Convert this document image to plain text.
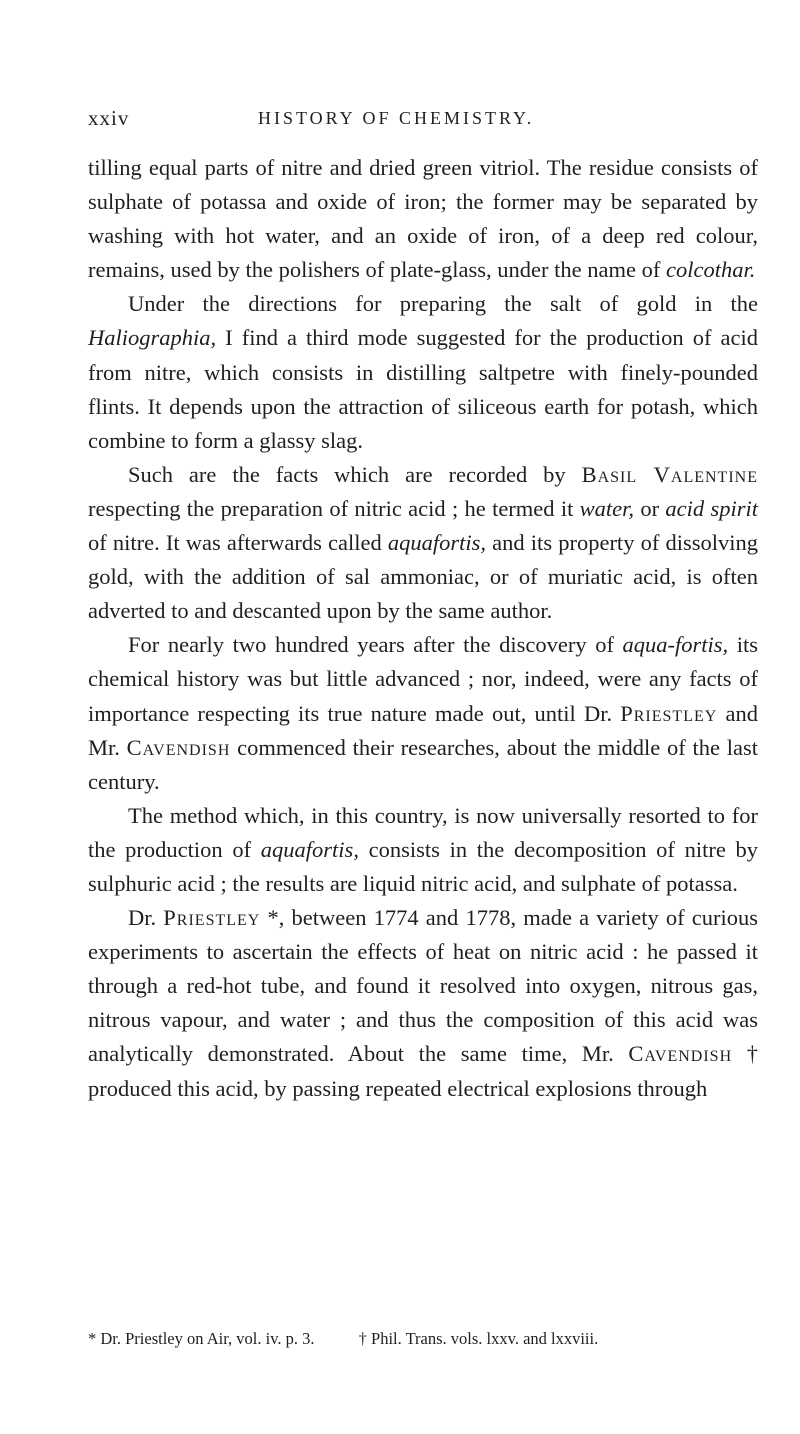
xxiv	HISTORY OF CHEMISTRY.

tilling equal parts of nitre and dried green vitriol. The residue consists of sulphate of potassa and oxide of iron; the former may be separated by washing with hot water, and an oxide of iron, of a deep red colour, remains, used by the polishers of plate-glass, under the name of colcothar.

Under the directions for preparing the salt of gold in the Haliographia, I find a third mode suggested for the production of acid from nitre, which consists in distilling saltpetre with finely-pounded flints. It depends upon the attraction of siliceous earth for potash, which combine to form a glassy slag.

Such are the facts which are recorded by Basil Valentine respecting the preparation of nitric acid ; he termed it water, or acid spirit of nitre. It was afterwards called aquafortis, and its property of dissolving gold, with the addition of sal ammoniac, or of muriatic acid, is often adverted to and descanted upon by the same author.

For nearly two hundred years after the discovery of aqua-fortis, its chemical history was but little advanced ; nor, indeed, were any facts of importance respecting its true nature made out, until Dr. Priestley and Mr. Cavendish commenced their researches, about the middle of the last century.

The method which, in this country, is now universally resorted to for the production of aquafortis, consists in the decomposition of nitre by sulphuric acid ; the results are liquid nitric acid, and sulphate of potassa.

Dr. Priestley *, between 1774 and 1778, made a variety of curious experiments to ascertain the effects of heat on nitric acid : he passed it through a red-hot tube, and found it resolved into oxygen, nitrous gas, nitrous vapour, and water ; and thus the composition of this acid was analytically demonstrated. About the same time, Mr. Cavendish † produced this acid, by passing repeated electrical explosions through

* Dr. Priestley on Air, vol. iv. p. 3.	† Phil. Trans. vols. lxxv. and lxxviii.
